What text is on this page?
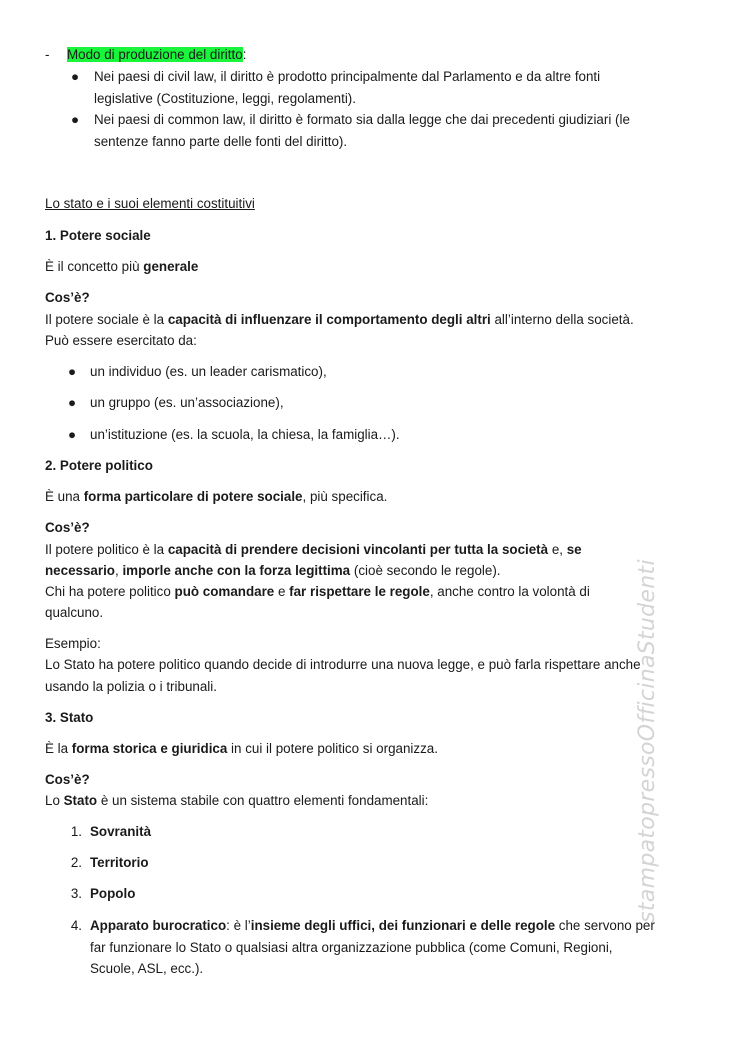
- Modo di produzione del diritto:
● Nei paesi di civil law, il diritto è prodotto principalmente dal Parlamento e da altre fonti
legislative (Costituzione, leggi, regolamenti).
● Nei paesi di common law, il diritto è formato sia dalla legge che dai precedenti giudiziari (le
sentenze fanno parte delle fonti del diritto).
Lo stato e i suoi elementi costituitivi
1. Potere sociale
È il concetto più generale
Cos’è?
Il potere sociale è la capacità di influenzare il comportamento degli altri all’interno della società.
Può essere esercitato da:
● un individuo (es. un leader carismatico),
● un gruppo (es. un’associazione),
● un’istituzione (es. la scuola, la chiesa, la famiglia…).
2. Potere politico
È una forma particolare di potere sociale, più specifica.
Cos’è?
Il potere politico è la capacità di prendere decisioni vincolanti per tutta la società e, se
necessario, imporle anche con la forza legittima (cioè secondo le regole).
Chi ha potere politico può comandare e far rispettare le regole, anche contro la volontà di
qualcuno.
Esempio:
Lo Stato ha potere politico quando decide di introdurre una nuova legge, e può farla rispettare anche
usando la polizia o i tribunali.
3. Stato
È la forma storica e giuridica in cui il potere politico si organizza.
Cos’è?
Lo Stato è un sistema stabile con quattro elementi fondamentali:
1. Sovranità
2. Territorio
3. Popolo
4. Apparato burocratico: è l’insieme degli uffici, dei funzionari e delle regole che servono per
far funzionare lo Stato o qualsiasi altra organizzazione pubblica (come Comuni, Regioni,
Scuole, ASL, ecc.).
stampatopressoOfficinaStudenti
